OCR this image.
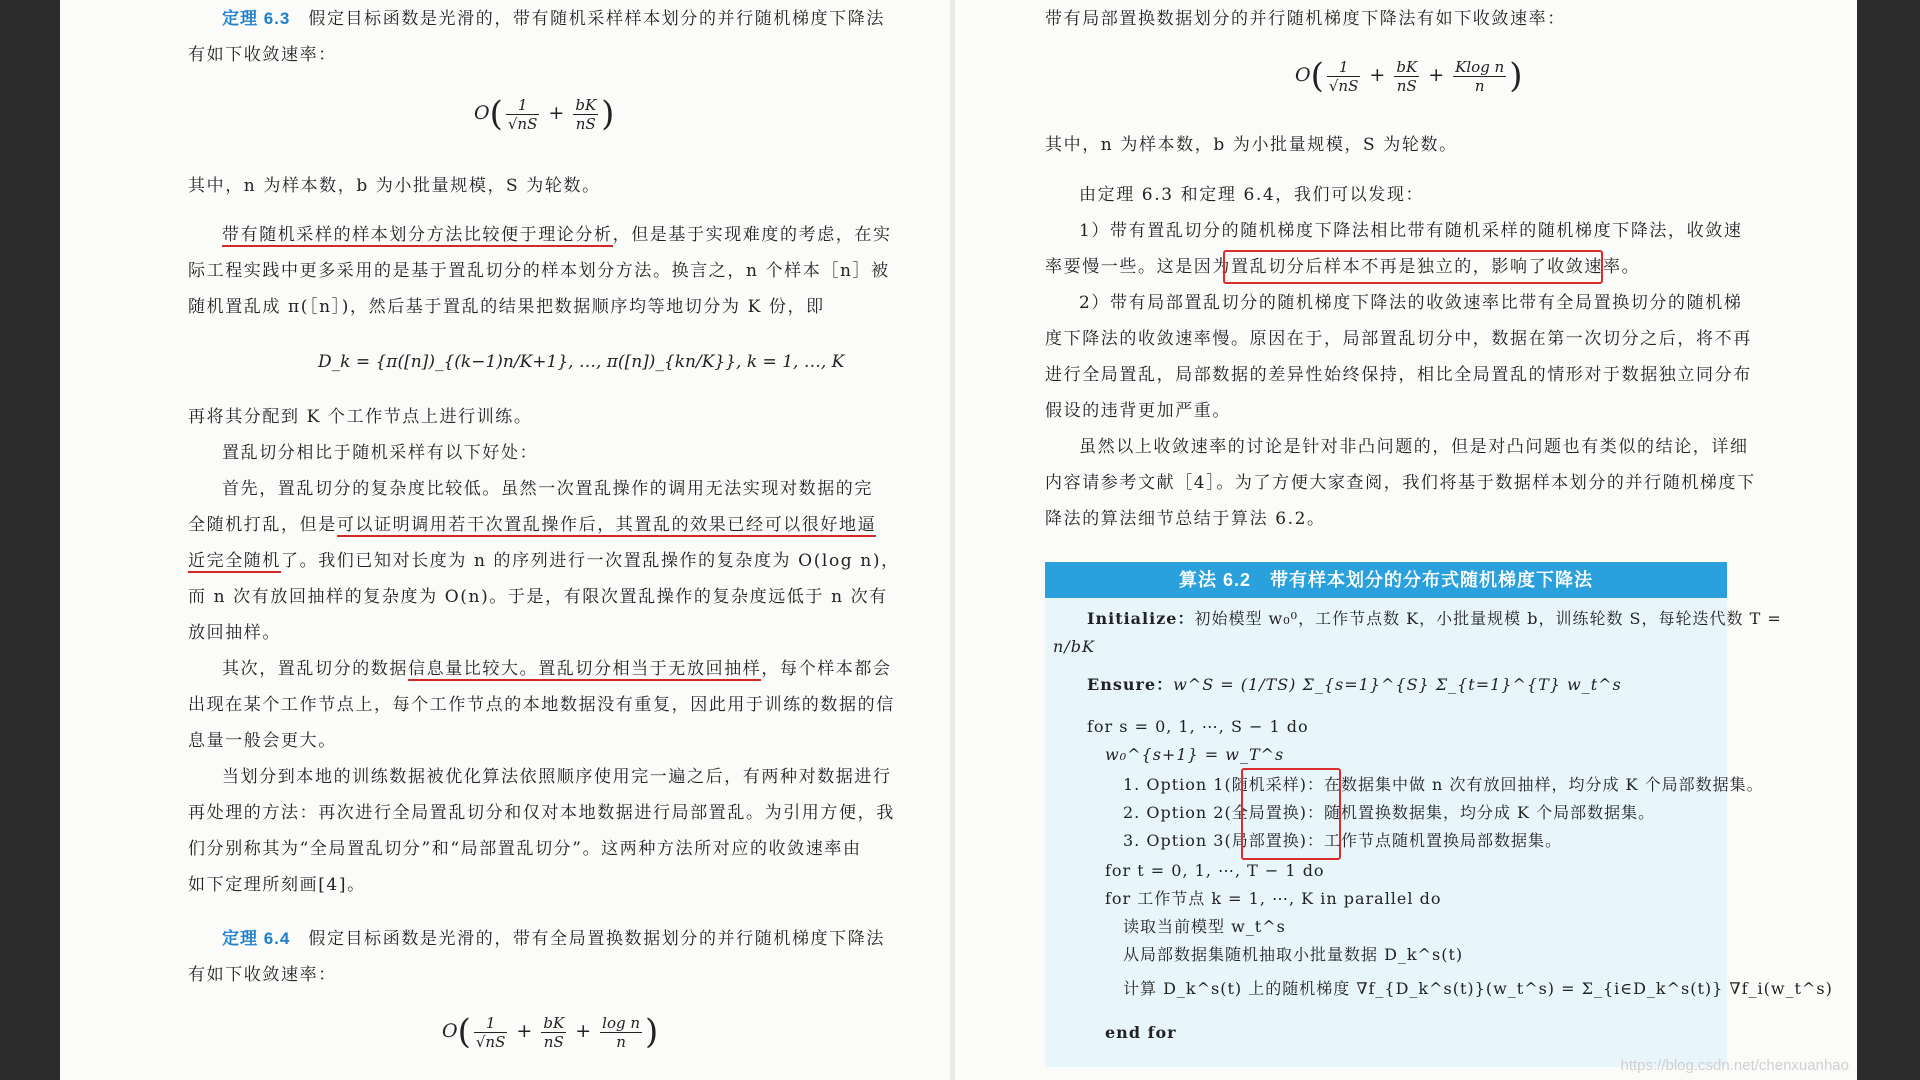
定理 6.3 假定目标函数是光滑的，带有随机采样样本划分的并行随机梯度下降法
有如下收敛速率：
$O( \frac{1}{√nS} + \frac{bK}{nS}$ )
其中，n 为样本数，b 为小批量规模，S 为轮数。
带有随机采样的样本划分方法比较便于理论分析，但是基于实现难度的考虑，在实
际工程实践中更多采用的是基于置乱切分的样本划分方法。换言之，n 个样本［n］被
随机置乱成 π(［n］)，然后基于置乱的结果把数据顺序均等地切分为 K 份，即
D_k = {π([n])_{(k−1)n/K+1}, …, π([n])_{kn/K}}, k = 1, …, K
再将其分配到 K 个工作节点上进行训练。
置乱切分相比于随机采样有以下好处：
首先，置乱切分的复杂度比较低。虽然一次置乱操作的调用无法实现对数据的完
全随机打乱，但是可以证明调用若干次置乱操作后，其置乱的效果已经可以很好地逼
近完全随机了。我们已知对长度为 n 的序列进行一次置乱操作的复杂度为 O(log n)，
而 n 次有放回抽样的复杂度为 O(n)。于是，有限次置乱操作的复杂度远低于 n 次有
放回抽样。
其次，置乱切分的数据信息量比较大。置乱切分相当于无放回抽样，每个样本都会
出现在某个工作节点上，每个工作节点的本地数据没有重复，因此用于训练的数据的信
息量一般会更大。
当划分到本地的训练数据被优化算法依照顺序使用完一遍之后，有两种对数据进行
再处理的方法：再次进行全局置乱切分和仅对本地数据进行局部置乱。为引用方便，我
们分别称其为“全局置乱切分”和“局部置乱切分”。这两种方法所对应的收敛速率由
如下定理所刻画[4]。
定理 6.4 假定目标函数是光滑的，带有全局置换数据划分的并行随机梯度下降法
有如下收敛速率：
$O( \frac{1}{√nS} + \frac{bK}{nS} + \frac{\text{log n}}{n}$ )
带有局部置换数据划分的并行随机梯度下降法有如下收敛速率：
$O( \frac{1}{√nS} + \frac{bK}{nS} + \frac{\text{Klog n}}{n}$ )
其中，n 为样本数，b 为小批量规模，S 为轮数。
由定理 6.3 和定理 6.4，我们可以发现：
1）带有置乱切分的随机梯度下降法相比带有随机采样的随机梯度下降法，收敛速
率要慢一些。这是因为置乱切分后样本不再是独立的，影响了收敛速率。
2）带有局部置乱切分的随机梯度下降法的收敛速率比带有全局置换切分的随机梯
度下降法的收敛速率慢。原因在于，局部置乱切分中，数据在第一次切分之后，将不再
进行全局置乱，局部数据的差异性始终保持，相比全局置乱的情形对于数据独立同分布
假设的违背更加严重。
虽然以上收敛速率的讨论是针对非凸问题的，但是对凸问题也有类似的结论，详细
内容请参考文献［4］。为了方便大家查阅，我们将基于数据样本划分的并行随机梯度下
降法的算法细节总结于算法 6.2。
算法 6.2　带有样本划分的分布式随机梯度下降法
Initialize：初始模型 w₀⁰，工作节点数 K，小批量规模 b，训练轮数 S，每轮迭代数 T =
n/bK
Ensure：w^S = (1/TS) Σ_{s=1}^{S} Σ_{t=1}^{T} w_t^s
for s = 0, 1, ⋯, S − 1 do
w₀^{s+1} = w_T^s
1. Option 1(随机采样)：在数据集中做 n 次有放回抽样，均分成 K 个局部数据集。
2. Option 2(全局置换)：随机置换数据集，均分成 K 个局部数据集。
3. Option 3(局部置换)：工作节点随机置换局部数据集。
for t = 0, 1, ⋯, T − 1 do
for 工作节点 k = 1, ⋯, K in parallel do
读取当前模型 w_t^s
从局部数据集随机抽取小批量数据 D_k^s(t)
计算 D_k^s(t) 上的随机梯度 ∇f_{D_k^s(t)}(w_t^s) = Σ_{i∈D_k^s(t)} ∇f_i(w_t^s)
end for
https://blog.csdn.net/chenxuanhao
